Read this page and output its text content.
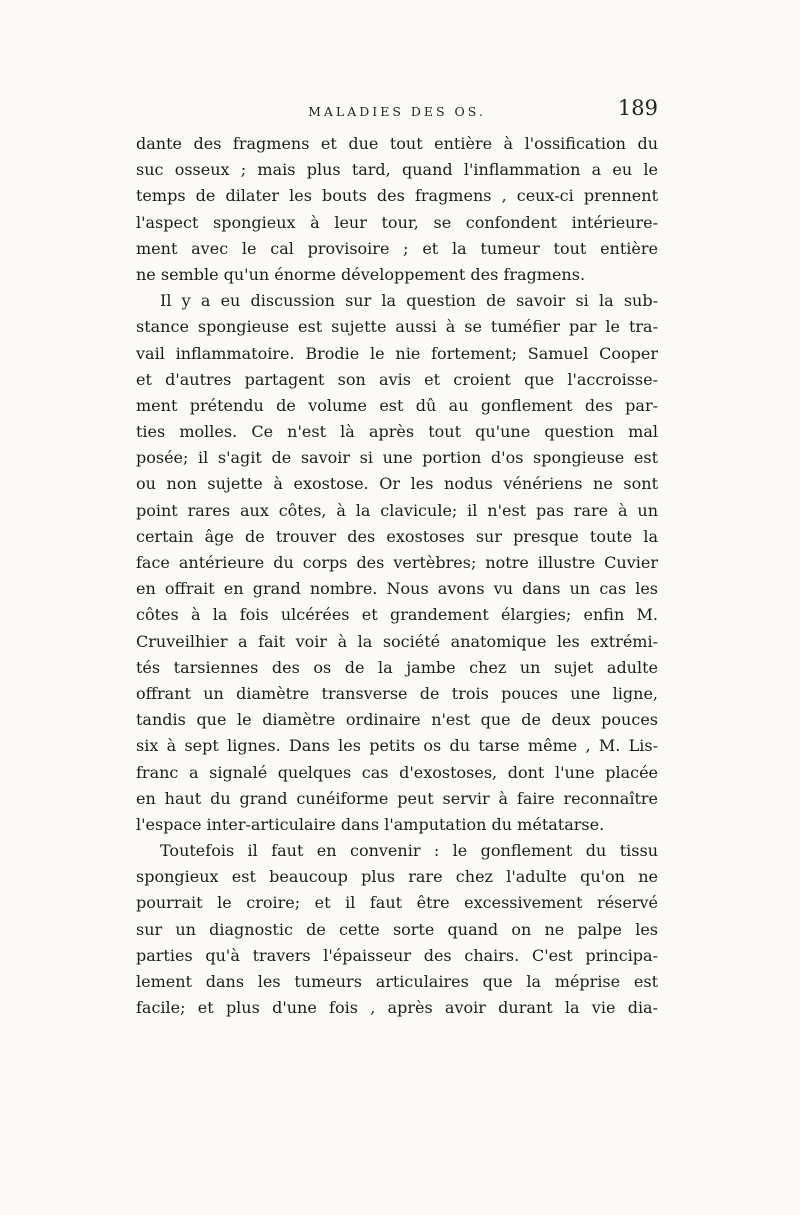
MALADIES DES OS.	189
dante des fragmens et due tout entière à l'ossification du
suc osseux ; mais plus tard, quand l'inflammation a eu le
temps de dilater les bouts des fragmens , ceux-ci prennent
l'aspect spongieux à leur tour, se confondent intérieure-
ment avec le cal provisoire ; et la tumeur tout entière
ne semble qu'un énorme développement des fragmens.
Il y a eu discussion sur la question de savoir si la sub-
stance spongieuse est sujette aussi à se tuméfier par le tra-
vail inflammatoire. Brodie le nie fortement; Samuel Cooper
et d'autres partagent son avis et croient que l'accroisse-
ment prétendu de volume est dû au gonflement des par-
ties molles. Ce n'est là après tout qu'une question mal
posée; il s'agit de savoir si une portion d'os spongieuse est
ou non sujette à exostose. Or les nodus vénériens ne sont
point rares aux côtes, à la clavicule; il n'est pas rare à un
certain âge de trouver des exostoses sur presque toute la
face antérieure du corps des vertèbres; notre illustre Cuvier
en offrait en grand nombre. Nous avons vu dans un cas les
côtes à la fois ulcérées et grandement élargies; enfin M.
Cruveilhier a fait voir à la société anatomique les extrémi-
tés tarsiennes des os de la jambe chez un sujet adulte
offrant un diamètre transverse de trois pouces une ligne,
tandis que le diamètre ordinaire n'est que de deux pouces
six à sept lignes. Dans les petits os du tarse même , M. Lis-
franc a signalé quelques cas d'exostoses, dont l'une placée
en haut du grand cunéiforme peut servir à faire reconnaître
l'espace inter-articulaire dans l'amputation du métatarse.
Toutefois il faut en convenir : le gonflement du tissu
spongieux est beaucoup plus rare chez l'adulte qu'on ne
pourrait le croire; et il faut être excessivement réservé
sur un diagnostic de cette sorte quand on ne palpe les
parties qu'à travers l'épaisseur des chairs. C'est principa-
lement dans les tumeurs articulaires que la méprise est
facile; et plus d'une fois , après avoir durant la vie dia-
